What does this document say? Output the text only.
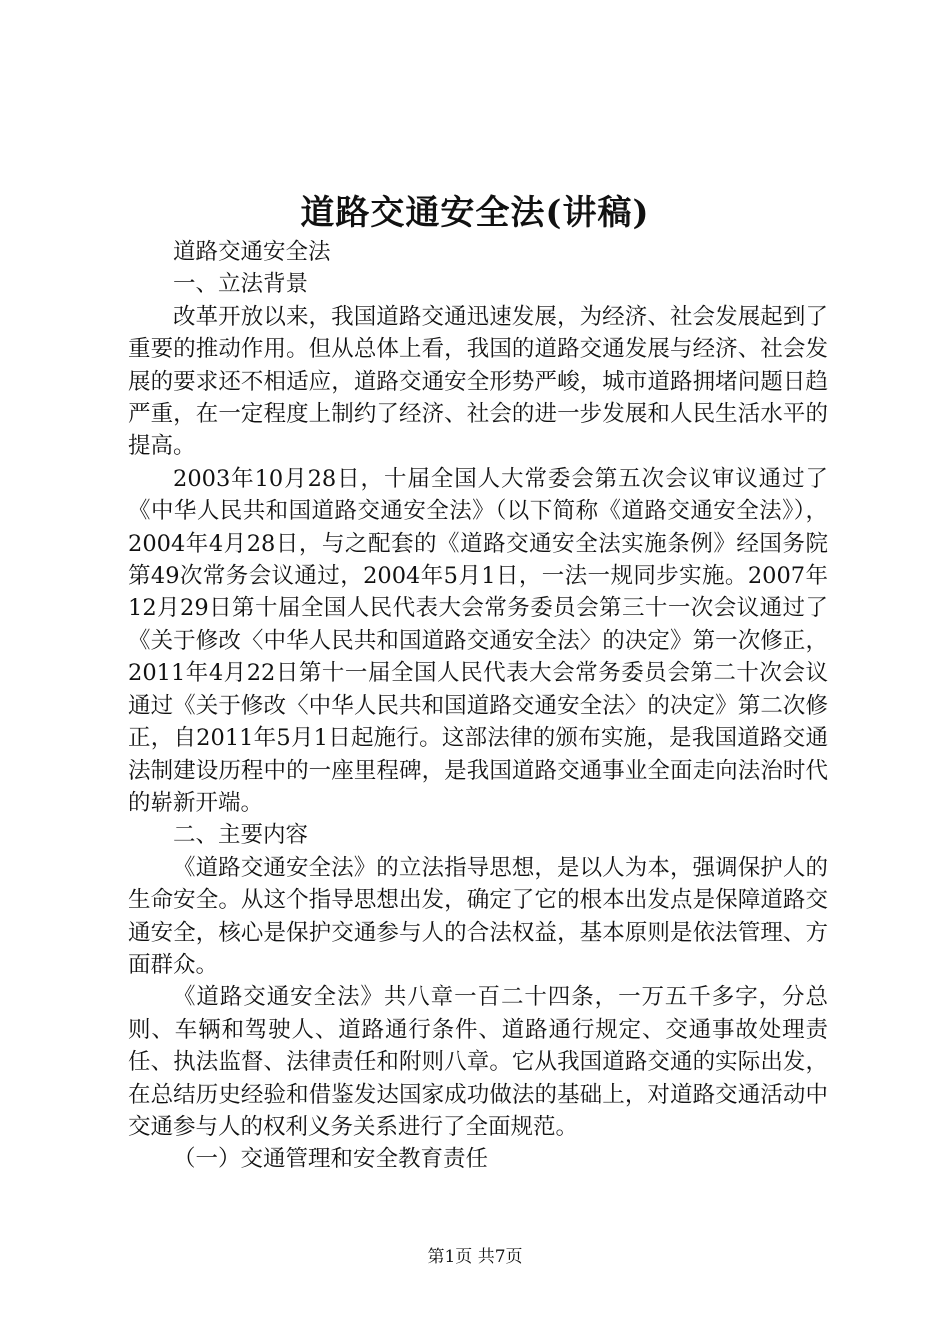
道路交通安全法(讲稿)

道路交通安全法

一、立法背景

改革开放以来，我国道路交通迅速发展，为经济、社会发展起到了重要的推动作用。但从总体上看，我国的道路交通发展与经济、社会发展的要求还不相适应，道路交通安全形势严峻，城市道路拥堵问题日趋严重，在一定程度上制约了经济、社会的进一步发展和人民生活水平的提高。

2003年10月28日，十届全国人大常委会第五次会议审议通过了《中华人民共和国道路交通安全法》（以下简称《道路交通安全法》），2004年4月28日，与之配套的《道路交通安全法实施条例》经国务院第49次常务会议通过，2004年5月1日，一法一规同步实施。2007年12月29日第十届全国人民代表大会常务委员会第三十一次会议通过了《关于修改〈中华人民共和国道路交通安全法〉的决定》第一次修正，2011年4月22日第十一届全国人民代表大会常务委员会第二十次会议通过《关于修改〈中华人民共和国道路交通安全法〉的决定》第二次修正，自2011年5月1日起施行。这部法律的颁布实施，是我国道路交通法制建设历程中的一座里程碑，是我国道路交通事业全面走向法治时代的崭新开端。

二、主要内容

《道路交通安全法》的立法指导思想，是以人为本，强调保护人的生命安全。从这个指导思想出发，确定了它的根本出发点是保障道路交通安全，核心是保护交通参与人的合法权益，基本原则是依法管理、方面群众。

《道路交通安全法》共八章一百二十四条，一万五千多字，分总则、车辆和驾驶人、道路通行条件、道路通行规定、交通事故处理责任、执法监督、法律责任和附则八章。它从我国道路交通的实际出发，在总结历史经验和借鉴发达国家成功做法的基础上，对道路交通活动中交通参与人的权利义务关系进行了全面规范。

（一）交通管理和安全教育责任

第1页 共7页
